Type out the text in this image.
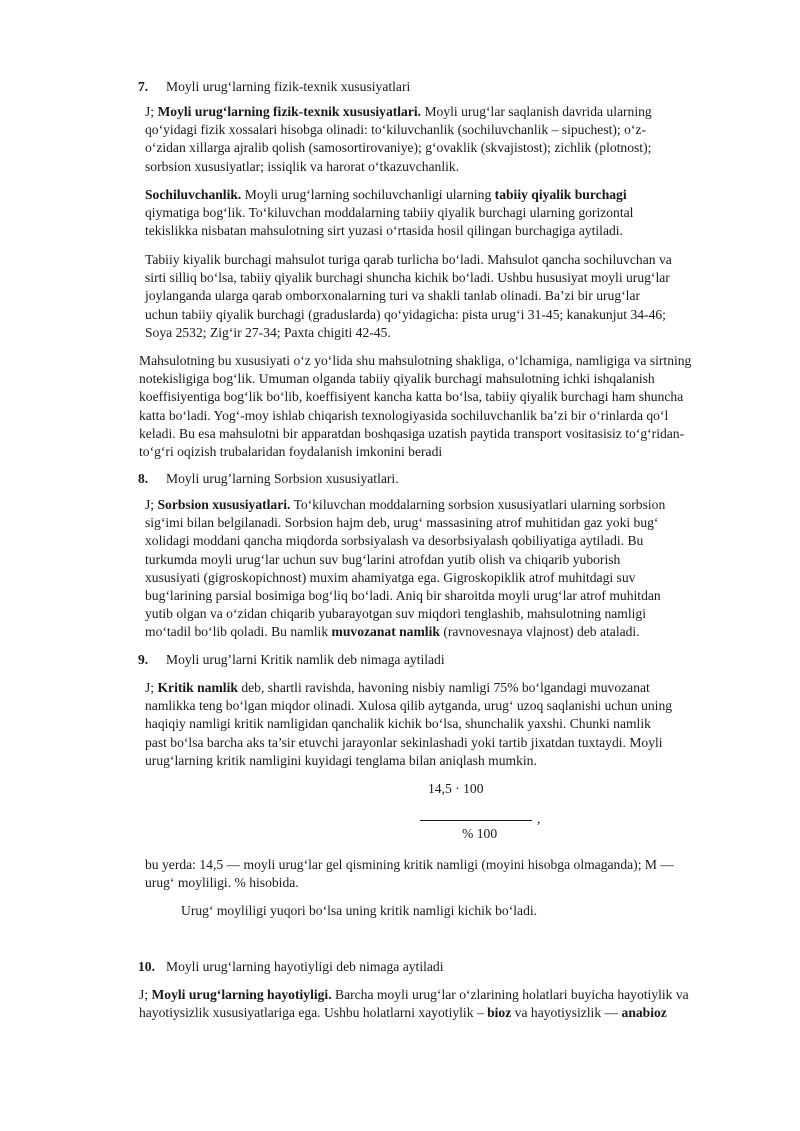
7. Moyli urug‘larning fizik-texnik xususiyatlari
J; Moyli urug‘larning fizik-texnik xususiyatlari. Moyli urug‘lar saqlanish davrida ularning
qo‘yidagi fizik xossalari hisobga olinadi: to‘kiluvchanlik (sochiluvchanlik – sipuchest); o‘z-
o‘zidan xillarga ajralib qolish (samosortirovaniye); g‘ovaklik (skvajistost); zichlik (plotnost);
sorbsion xususiyatlar; issiqlik va harorat o‘tkazuvchanlik.
Sochiluvchanlik. Moyli urug‘larning sochiluvchanligi ularning tabiiy qiyalik burchagi
qiymatiga bog‘lik. To‘kiluvchan moddalarning tabiiy qiyalik burchagi ularning gorizontal
tekislikka nisbatan mahsulotning sirt yuzasi o‘rtasida hosil qilingan burchagiga aytiladi.
Tabiiy kiyalik burchagi mahsulot turiga qarab turlicha bo‘ladi. Mahsulot qancha sochiluvchan va
sirti silliq bo‘lsa, tabiiy qiyalik burchagi shuncha kichik bo‘ladi. Ushbu hususiyat moyli urug‘lar
joylanganda ularga qarab omborxonalarning turi va shakli tanlab olinadi. Ba’zi bir urug‘lar
uchun tabiiy qiyalik burchagi (graduslarda) qo‘yidagicha: pista urug‘i 31-45; kanakunjut 34-46;
Soya 2532; Zig‘ir 27-34; Paxta chigiti 42-45.
Mahsulotning bu xususiyati o‘z yo‘lida shu mahsulotning shakliga, o‘lchamiga, namligiga va sirtning
notekisligiga bog‘lik. Umuman olganda tabiiy qiyalik burchagi mahsulotning ichki ishqalanish
koeffisiyentiga bog‘lik bo‘lib, koeffisiyent kancha katta bo‘lsa, tabiiy qiyalik burchagi ham shuncha
katta bo‘ladi. Yog‘-moy ishlab chiqarish texnologiyasida sochiluvchanlik ba’zi bir o‘rinlarda qo‘l
keladi. Bu esa mahsulotni bir apparatdan boshqasiga uzatish paytida transport vositasisiz to‘g‘ridan-
to‘g‘ri oqizish trubalaridan foydalanish imkonini beradi
8. Moyli urug’larning Sorbsion xususiyatlari.
J; Sorbsion xususiyatlari. To‘kiluvchan moddalarning sorbsion xususiyatlari ularning sorbsion
sig‘imi bilan belgilanadi. Sorbsion hajm deb, urug‘ massasining atrof muhitidan gaz yoki bug‘
xolidagi moddani qancha miqdorda sorbsiyalash va desorbsiyalash qobiliyatiga aytiladi. Bu
turkumda moyli urug‘lar uchun suv bug‘larini atrofdan yutib olish va chiqarib yuborish
xususiyati (gigroskopichnost) muxim ahamiyatga ega. Gigroskopiklik atrof muhitdagi suv
bug‘larining parsial bosimiga bog‘liq bo‘ladi. Aniq bir sharoitda moyli urug‘lar atrof muhitdan
yutib olgan va o‘zidan chiqarib yubarayotgan suv miqdori tenglashib, mahsulotning namligi
mo‘tadil bo‘lib qoladi. Bu namlik muvozanat namlik (ravnovesnaya vlajnost) deb ataladi.
9. Moyli urug’larni Kritik namlik deb nimaga aytiladi
J; Kritik namlik deb, shartli ravishda, havoning nisbiy namligi 75% bo‘lgandagi muvozanat
namlikka teng bo‘lgan miqdor olinadi. Xulosa qilib aytganda, urug‘ uzoq saqlanishi uchun uning
haqiqiy namligi kritik namligidan qanchalik kichik bo‘lsa, shunchalik yaxshi. Chunki namlik
past bo‘lsa barcha aks ta’sir etuvchi jarayonlar sekinlashadi yoki tartib jixatdan tuxtaydi. Moyli
urug‘larning kritik namligini kuyidagi tenglama bilan aniqlash mumkin.
14,5 · 100
,
% 100
bu yerda: 14,5 — moyli urug‘lar gel qismining kritik namligi (moyini hisobga olmaganda); M —
urug‘ moyliligi. % hisobida.
Urug‘ moyliligi yuqori bo‘lsa uning kritik namligi kichik bo‘ladi.
10. Moyli urug‘larning hayotiyligi deb nimaga aytiladi
J; Moyli urug‘larning hayotiyligi. Barcha moyli urug‘lar o‘zlarining holatlari buyicha hayotiylik va
hayotiysizlik xususiyatlariga ega. Ushbu holatlarni xayotiylik – bioz va hayotiysizlik — anabioz
